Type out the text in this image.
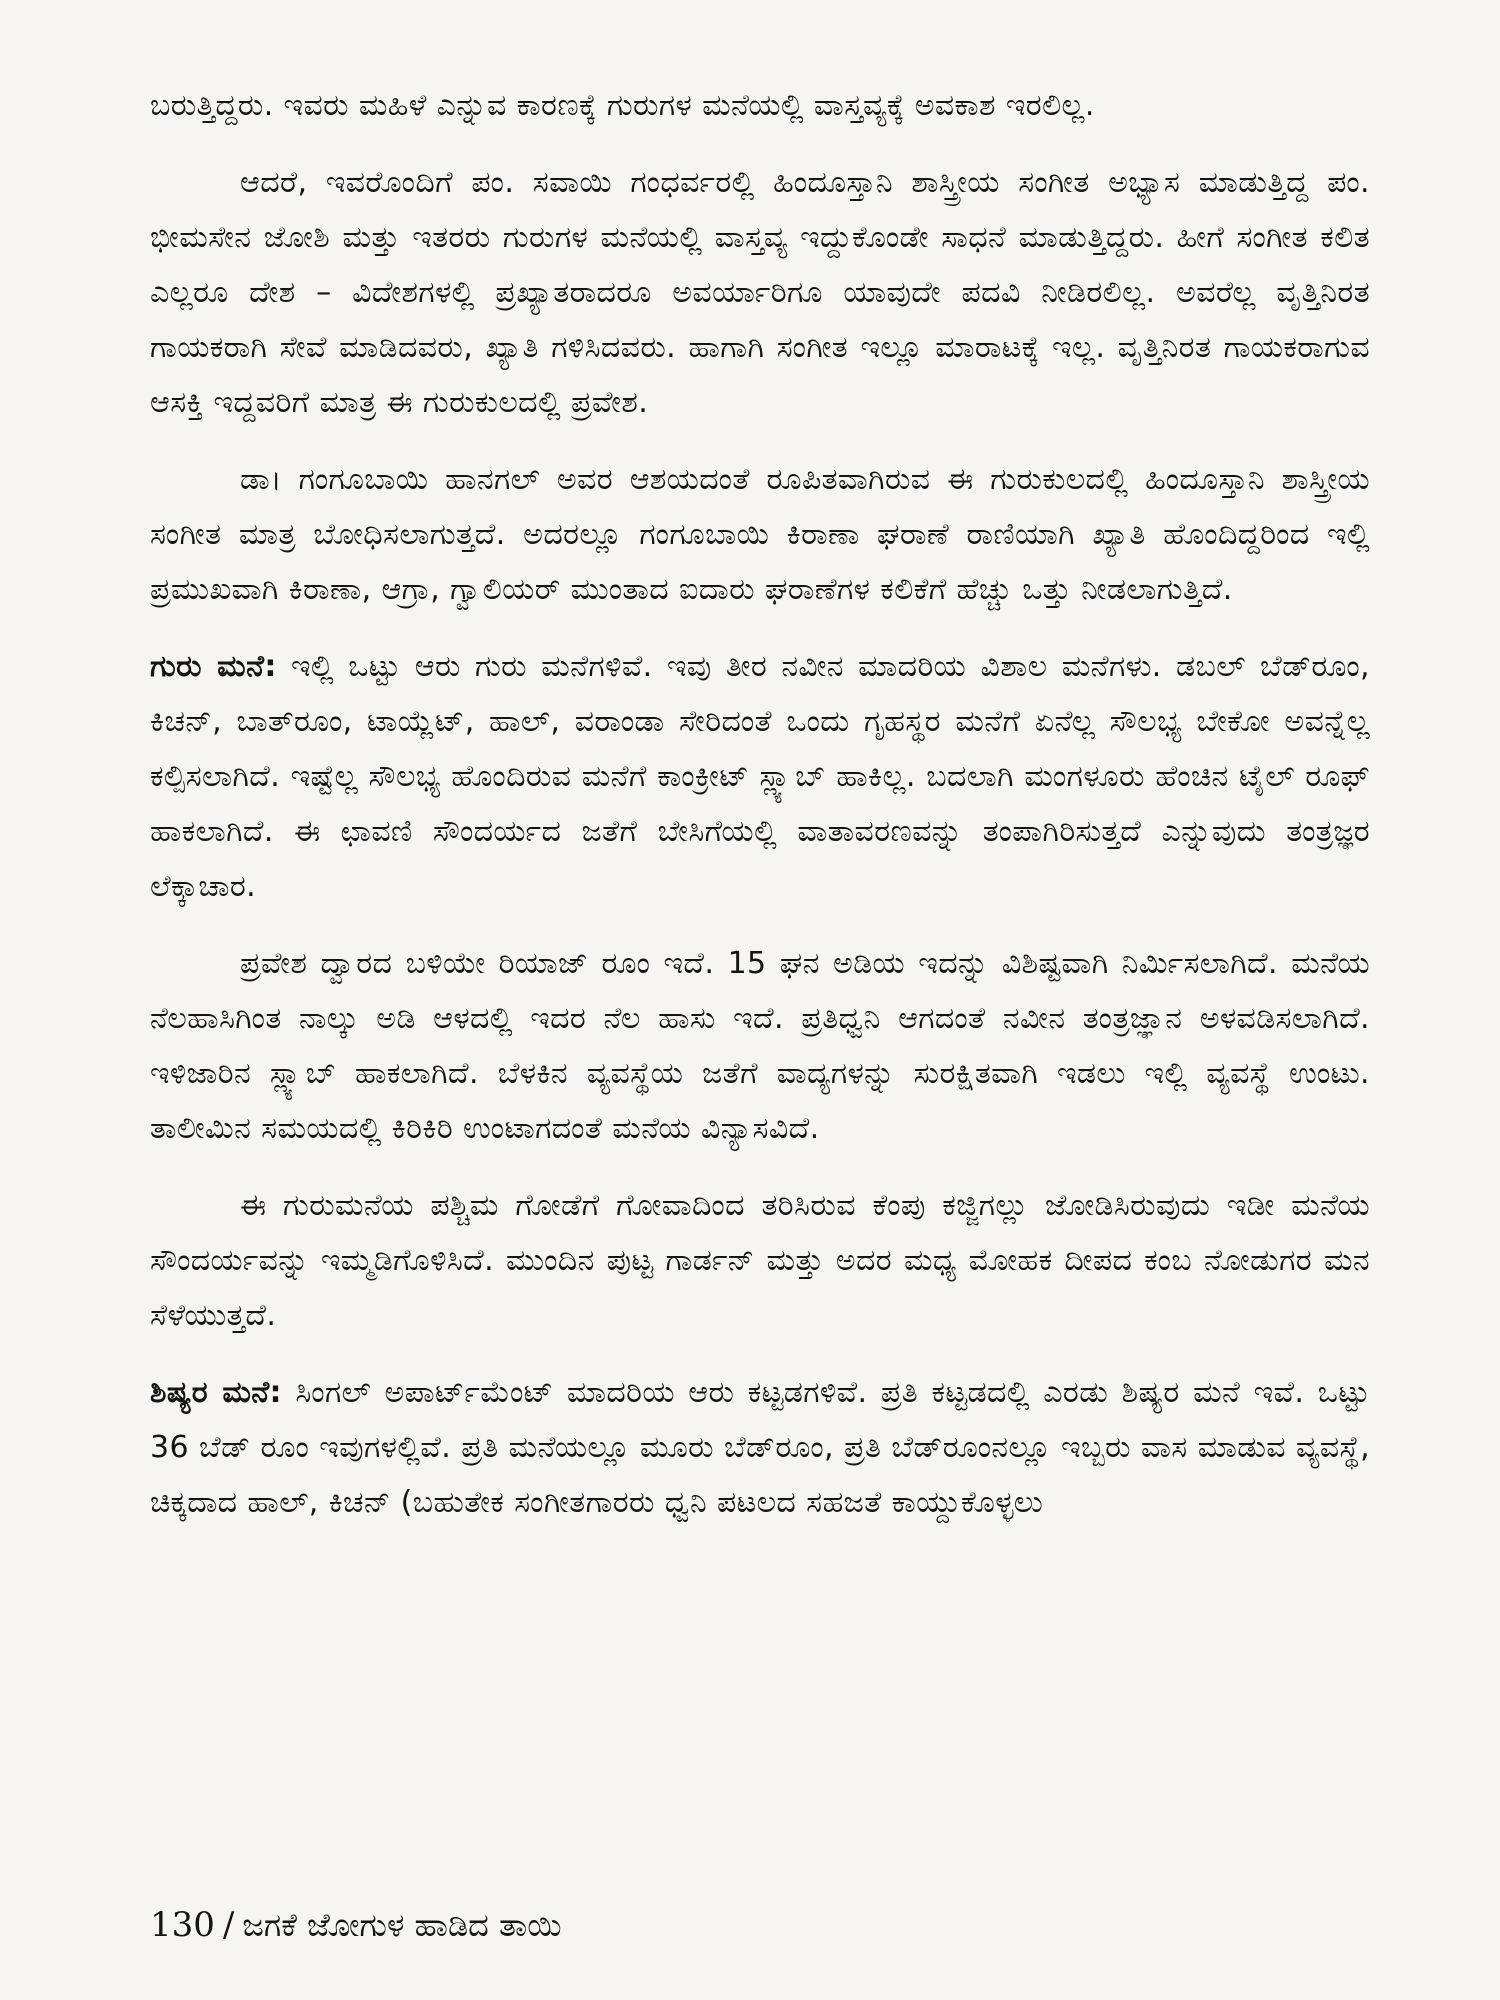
ಬರುತ್ತಿದ್ದರು. ಇವರು ಮಹಿಳೆ ಎನ್ನುವ ಕಾರಣಕ್ಕೆ ಗುರುಗಳ ಮನೆಯಲ್ಲಿ ವಾಸ್ತವ್ಯಕ್ಕೆ ಅವಕಾಶ ಇರಲಿಲ್ಲ.

ಆದರೆ, ಇವರೊಂದಿಗೆ ಪಂ. ಸವಾಯಿ ಗಂಧರ್ವರಲ್ಲಿ ಹಿಂದೂಸ್ತಾನಿ ಶಾಸ್ತ್ರೀಯ ಸಂಗೀತ ಅಭ್ಯಾಸ ಮಾಡುತ್ತಿದ್ದ ಪಂ. ಭೀಮಸೇನ ಜೋಶಿ ಮತ್ತು ಇತರರು ಗುರುಗಳ ಮನೆಯಲ್ಲಿ ವಾಸ್ತವ್ಯ ಇದ್ದುಕೊಂಡೇ ಸಾಧನೆ ಮಾಡುತ್ತಿದ್ದರು. ಹೀಗೆ ಸಂಗೀತ ಕಲಿತ ಎಲ್ಲರೂ ದೇಶ – ವಿದೇಶಗಳಲ್ಲಿ ಪ್ರಖ್ಯಾತರಾದರೂ ಅವರ್ಯಾರಿಗೂ ಯಾವುದೇ ಪದವಿ ನೀಡಿರಲಿಲ್ಲ. ಅವರೆಲ್ಲ ವೃತ್ತಿನಿರತ ಗಾಯಕರಾಗಿ ಸೇವೆ ಮಾಡಿದವರು, ಖ್ಯಾತಿ ಗಳಿಸಿದವರು. ಹಾಗಾಗಿ ಸಂಗೀತ ಇಲ್ಲೂ ಮಾರಾಟಕ್ಕೆ ಇಲ್ಲ. ವೃತ್ತಿನಿರತ ಗಾಯಕರಾಗುವ ಆಸಕ್ತಿ ಇದ್ದವರಿಗೆ ಮಾತ್ರ ಈ ಗುರುಕುಲದಲ್ಲಿ ಪ್ರವೇಶ.

ಡಾ। ಗಂಗೂಬಾಯಿ ಹಾನಗಲ್ ಅವರ ಆಶಯದಂತೆ ರೂಪಿತವಾಗಿರುವ ಈ ಗುರುಕುಲದಲ್ಲಿ ಹಿಂದೂಸ್ತಾನಿ ಶಾಸ್ತ್ರೀಯ ಸಂಗೀತ ಮಾತ್ರ ಬೋಧಿಸಲಾಗುತ್ತದೆ. ಅದರಲ್ಲೂ ಗಂಗೂಬಾಯಿ ಕಿರಾಣಾ ಘರಾಣೆ ರಾಣಿಯಾಗಿ ಖ್ಯಾತಿ ಹೊಂದಿದ್ದರಿಂದ ಇಲ್ಲಿ ಪ್ರಮುಖವಾಗಿ ಕಿರಾಣಾ, ಆಗ್ರಾ, ಗ್ವಾಲಿಯರ್ ಮುಂತಾದ ಐದಾರು ಘರಾಣೆಗಳ ಕಲಿಕೆಗೆ ಹೆಚ್ಚು ಒತ್ತು ನೀಡಲಾಗುತ್ತಿದೆ.

ಗುರು ಮನೆ: ಇಲ್ಲಿ ಒಟ್ಟು ಆರು ಗುರು ಮನೆಗಳಿವೆ. ಇವು ತೀರ ನವೀನ ಮಾದರಿಯ ವಿಶಾಲ ಮನೆಗಳು. ಡಬಲ್ ಬೆಡ್‌ರೂಂ, ಕಿಚನ್, ಬಾತ್‌ರೂಂ, ಟಾಯ್ಲೆಟ್, ಹಾಲ್, ವರಾಂಡಾ ಸೇರಿದಂತೆ ಒಂದು ಗೃಹಸ್ಥರ ಮನೆಗೆ ಏನೆಲ್ಲ ಸೌಲಭ್ಯ ಬೇಕೋ ಅವನ್ನೆಲ್ಲ ಕಲ್ಪಿಸಲಾಗಿದೆ. ಇಷ್ಟೆಲ್ಲ ಸೌಲಭ್ಯ ಹೊಂದಿರುವ ಮನೆಗೆ ಕಾಂಕ್ರೀಟ್ ಸ್ಲ್ಯಾಬ್ ಹಾಕಿಲ್ಲ. ಬದಲಾಗಿ ಮಂಗಳೂರು ಹೆಂಚಿನ ಟೈಲ್ ರೂಫ್ ಹಾಕಲಾಗಿದೆ. ಈ ಛಾವಣಿ ಸೌಂದರ್ಯದ ಜತೆಗೆ ಬೇಸಿಗೆಯಲ್ಲಿ ವಾತಾವರಣವನ್ನು ತಂಪಾಗಿರಿಸುತ್ತದೆ ಎನ್ನುವುದು ತಂತ್ರಜ್ಞರ ಲೆಕ್ಕಾಚಾರ.

ಪ್ರವೇಶ ದ್ವಾರದ ಬಳಿಯೇ ರಿಯಾಜ್ ರೂಂ ಇದೆ. 15 ಘನ ಅಡಿಯ ಇದನ್ನು ವಿಶಿಷ್ಟವಾಗಿ ನಿರ್ಮಿಸಲಾಗಿದೆ. ಮನೆಯ ನೆಲಹಾಸಿಗಿಂತ ನಾಲ್ಕು ಅಡಿ ಆಳದಲ್ಲಿ ಇದರ ನೆಲ ಹಾಸು ಇದೆ. ಪ್ರತಿಧ್ವನಿ ಆಗದಂತೆ ನವೀನ ತಂತ್ರಜ್ಞಾನ ಅಳವಡಿಸಲಾಗಿದೆ. ಇಳಿಜಾರಿನ ಸ್ಲ್ಯಾಬ್ ಹಾಕಲಾಗಿದೆ. ಬೆಳಕಿನ ವ್ಯವಸ್ಥೆಯ ಜತೆಗೆ ವಾದ್ಯಗಳನ್ನು ಸುರಕ್ಷಿತವಾಗಿ ಇಡಲು ಇಲ್ಲಿ ವ್ಯವಸ್ಥೆ ಉಂಟು. ತಾಲೀಮಿನ ಸಮಯದಲ್ಲಿ ಕಿರಿಕಿರಿ ಉಂಟಾಗದಂತೆ ಮನೆಯ ವಿನ್ಯಾಸವಿದೆ.

ಈ ಗುರುಮನೆಯ ಪಶ್ಚಿಮ ಗೋಡೆಗೆ ಗೋವಾದಿಂದ ತರಿಸಿರುವ ಕೆಂಪು ಕಜ್ಜಿಗಲ್ಲು ಜೋಡಿಸಿರುವುದು ಇಡೀ ಮನೆಯ ಸೌಂದರ್ಯವನ್ನು ಇಮ್ಮಡಿಗೊಳಿಸಿದೆ. ಮುಂದಿನ ಪುಟ್ಟ ಗಾರ್ಡನ್ ಮತ್ತು ಅದರ ಮಧ್ಯ ಮೋಹಕ ದೀಪದ ಕಂಬ ನೋಡುಗರ ಮನ ಸೆಳೆಯುತ್ತದೆ.

ಶಿಷ್ಯರ ಮನೆ: ಸಿಂಗಲ್ ಅಪಾರ್ಟ್‌ಮೆಂಟ್ ಮಾದರಿಯ ಆರು ಕಟ್ಟಡಗಳಿವೆ. ಪ್ರತಿ ಕಟ್ಟಡದಲ್ಲಿ ಎರಡು ಶಿಷ್ಯರ ಮನೆ ಇವೆ. ಒಟ್ಟು 36 ಬೆಡ್ ರೂಂ ಇವುಗಳಲ್ಲಿವೆ. ಪ್ರತಿ ಮನೆಯಲ್ಲೂ ಮೂರು ಬೆಡ್‌ರೂಂ, ಪ್ರತಿ ಬೆಡ್‌ರೂಂನಲ್ಲೂ ಇಬ್ಬರು ವಾಸ ಮಾಡುವ ವ್ಯವಸ್ಥೆ, ಚಿಕ್ಕದಾದ ಹಾಲ್, ಕಿಚನ್ (ಬಹುತೇಕ ಸಂಗೀತಗಾರರು ಧ್ವನಿ ಪಟಲದ ಸಹಜತೆ ಕಾಯ್ದುಕೊಳ್ಳಲು

130 / ಜಗಕೆ ಜೋಗುಳ ಹಾಡಿದ ತಾಯಿ
